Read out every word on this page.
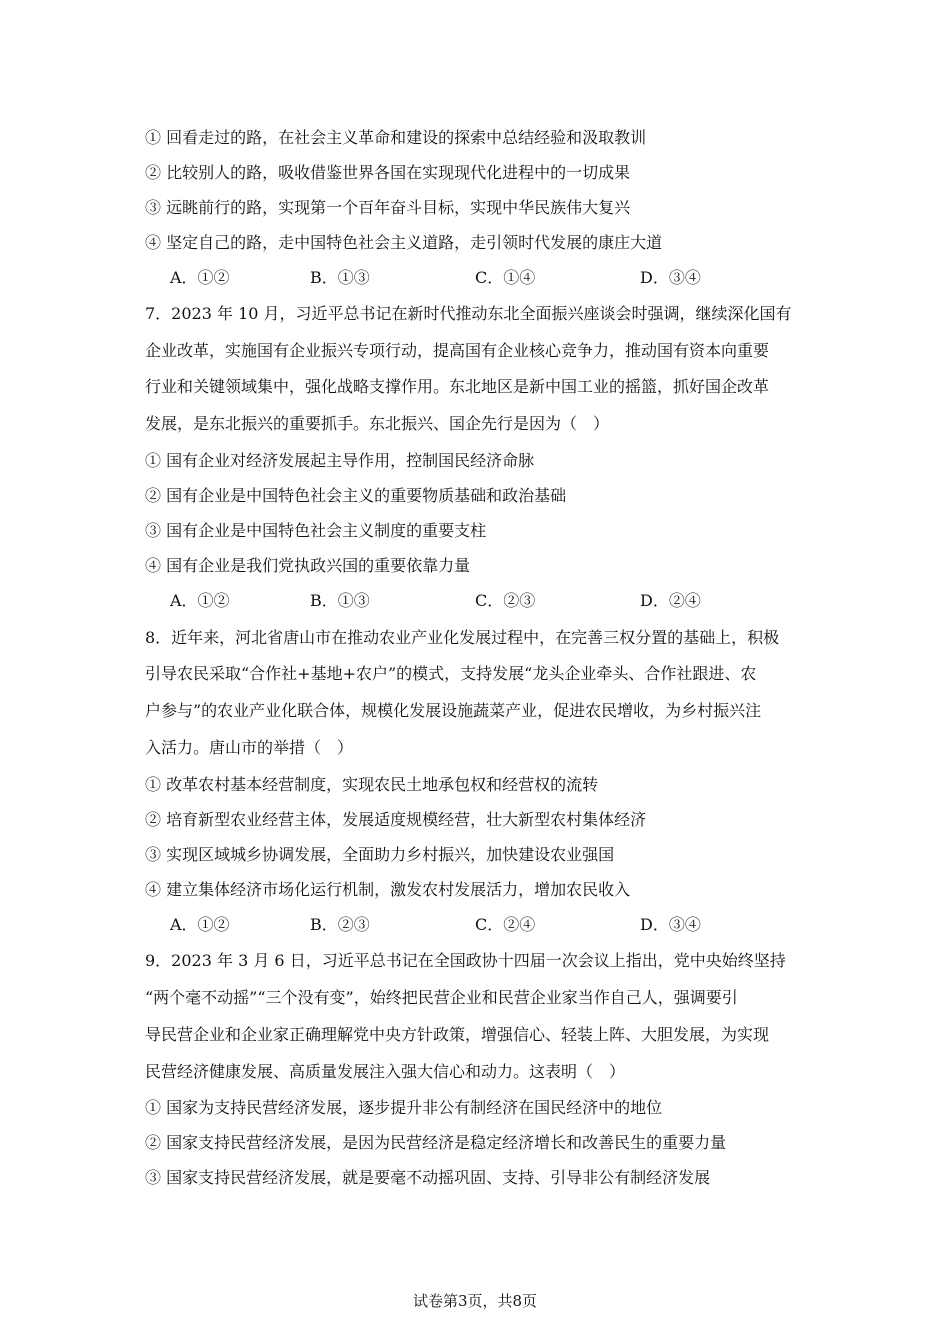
① 回看走过的路，在社会主义革命和建设的探索中总结经验和汲取教训
② 比较别人的路，吸收借鉴世界各国在实现现代化进程中的一切成果
③ 远眺前行的路，实现第一个百年奋斗目标，实现中华民族伟大复兴
④ 坚定自己的路，走中国特色社会主义道路，走引领时代发展的康庄大道
A．①②	B．①③	C．①④	D．③④
7．2023 年 10 月，习近平总书记在新时代推动东北全面振兴座谈会时强调，继续深化国有
企业改革，实施国有企业振兴专项行动，提高国有企业核心竞争力，推动国有资本向重要
行业和关键领域集中，强化战略支撑作用。东北地区是新中国工业的摇篮，抓好国企改革
发展，是东北振兴的重要抓手。东北振兴、国企先行是因为（　）
① 国有企业对经济发展起主导作用，控制国民经济命脉
② 国有企业是中国特色社会主义的重要物质基础和政治基础
③ 国有企业是中国特色社会主义制度的重要支柱
④ 国有企业是我们党执政兴国的重要依靠力量
A．①②	B．①③	C．②③	D．②④
8．近年来，河北省唐山市在推动农业产业化发展过程中，在完善三权分置的基础上，积极
引导农民采取“合作社+基地+农户”的模式，支持发展“龙头企业牵头、合作社跟进、农
户参与”的农业产业化联合体，规模化发展设施蔬菜产业，促进农民增收，为乡村振兴注
入活力。唐山市的举措（　）
① 改革农村基本经营制度，实现农民土地承包权和经营权的流转
② 培育新型农业经营主体，发展适度规模经营，壮大新型农村集体经济
③ 实现区域城乡协调发展，全面助力乡村振兴，加快建设农业强国
④ 建立集体经济市场化运行机制，激发农村发展活力，增加农民收入
A．①②	B．②③	C．②④	D．③④
9．2023 年 3 月 6 日，习近平总书记在全国政协十四届一次会议上指出，党中央始终坚持
“两个毫不动摇”“三个没有变”，始终把民营企业和民营企业家当作自己人，强调要引
导民营企业和企业家正确理解党中央方针政策，增强信心、轻装上阵、大胆发展，为实现
民营经济健康发展、高质量发展注入强大信心和动力。这表明（　）
① 国家为支持民营经济发展，逐步提升非公有制经济在国民经济中的地位
② 国家支持民营经济发展，是因为民营经济是稳定经济增长和改善民生的重要力量
③ 国家支持民营经济发展，就是要毫不动摇巩固、支持、引导非公有制经济发展
试卷第3页，共8页
